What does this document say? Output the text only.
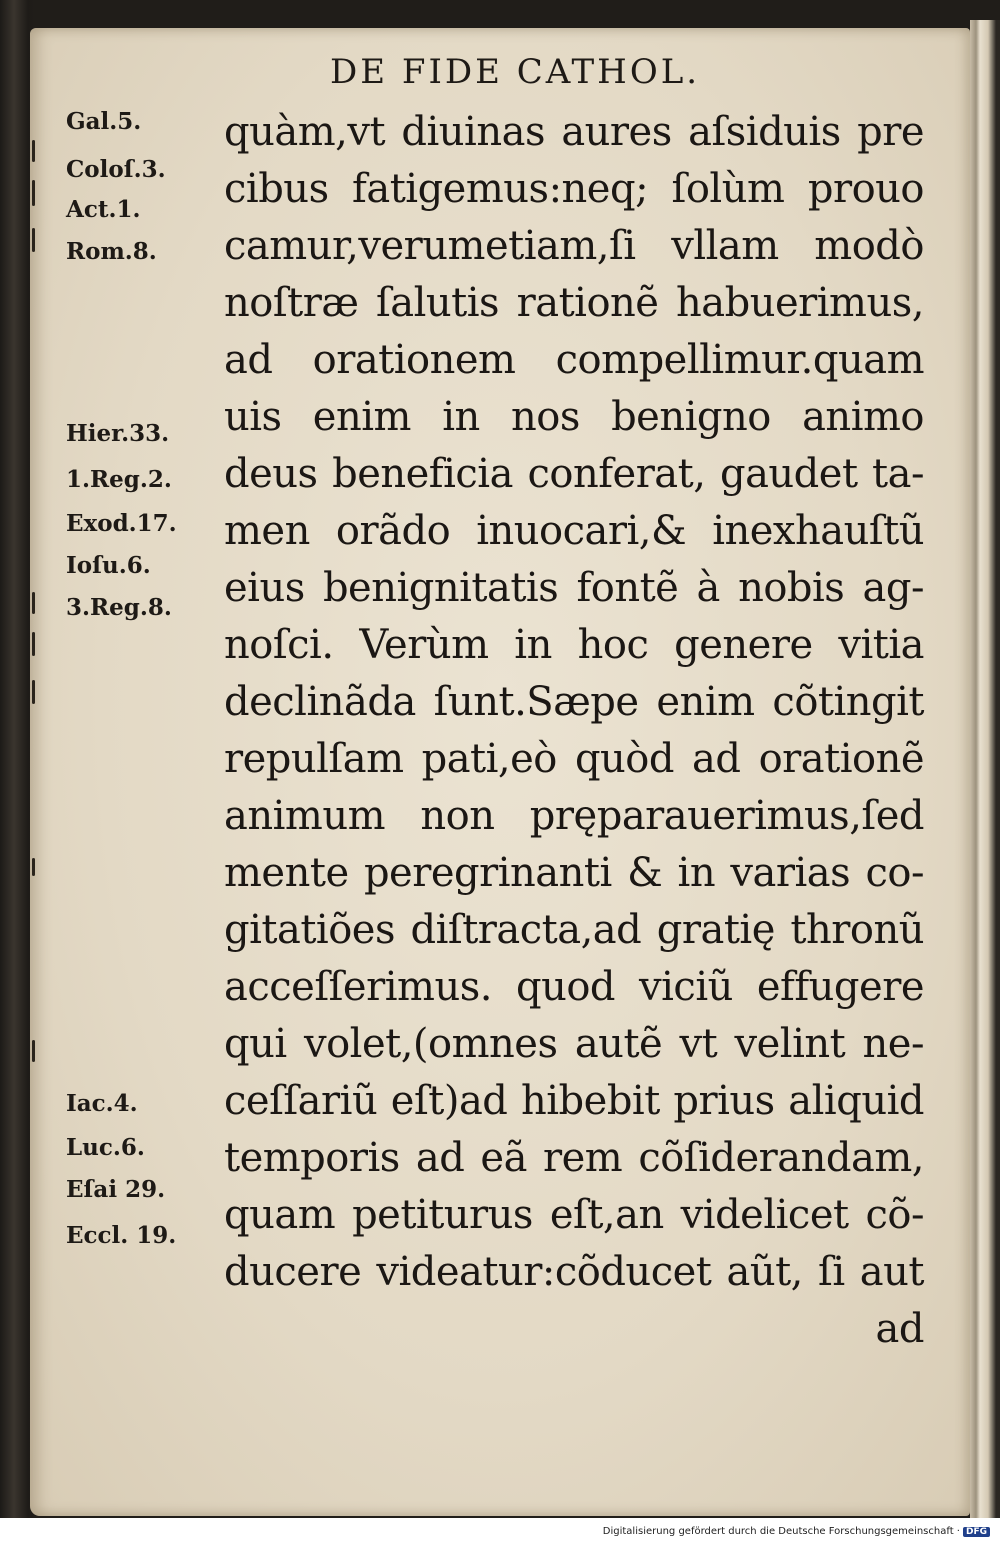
DE FIDE CATHOL.
quàm,vt diuinas aures aſsiduis pre
cibus fatigemus:neq; ſolùm prouo
camur,verumetiam,ſi vllam modò
noſtræ ſalutis rationẽ habuerimus,
ad orationem compellimur.quam
uis enim in nos benigno animo
deus beneficia conferat, gaudet ta-
men orãdo inuocari,& inexhauſtũ
eius benignitatis fontẽ à nobis ag-
noſci. Verùm in hoc genere vitia
declinãda ſunt.Sæpe enim cõtingit
repulſam pati,eò quòd ad orationẽ
animum non pręparauerimus,ſed
mente peregrinanti & in varias co-
gitatiões diſtracta,ad gratię thronũ
acceſſerimus. quod viciũ effugere
qui volet,(omnes autẽ vt velint ne-
ceſſariũ eſt)ad hibebit prius aliquid
temporis ad eã rem cõſiderandam,
quam petiturus eſt,an videlicet cõ-
ducere videatur:cõducet aũt, ſi aut
ad
Gal.5.
Coloſ.3.
Act.1.
Rom.8.
Hier.33.
1.Reg.2.
Exod.17.
Ioſu.6.
3.Reg.8.
Iac.4.
Luc.6.
Eſai 29.
Eccl. 19.
Digitalisierung gefördert durch die Deutsche Forschungsgemeinschaft · DFG
